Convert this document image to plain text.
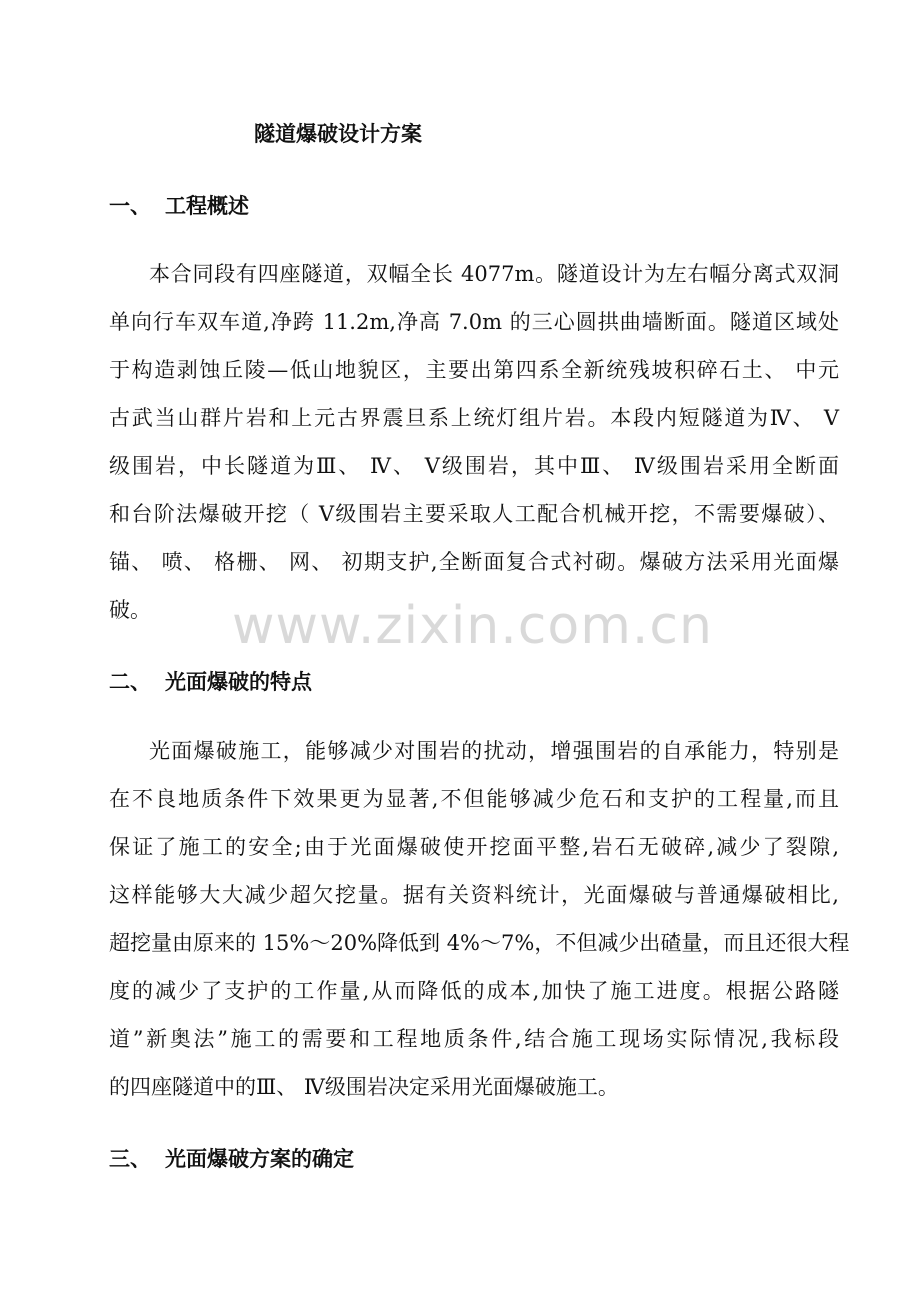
隧道爆破设计方案
一、 工程概述
本合同段有四座隧道，双幅全长 4077m。隧道设计为左右幅分离式双洞
单向行车双车道,净跨 11.2m,净高 7.0m 的三心圆拱曲墙断面。隧道区域处
于构造剥蚀丘陵—低山地貌区，主要出第四系全新统残坡积碎石土、 中元
古武当山群片岩和上元古界震旦系上统灯组片岩。本段内短隧道为Ⅳ、 Ⅴ
级围岩，中长隧道为Ⅲ、 Ⅳ、 Ⅴ级围岩，其中Ⅲ、 Ⅳ级围岩采用全断面
和台阶法爆破开挖（ Ⅴ级围岩主要采取人工配合机械开挖，不需要爆破）、
锚、 喷、 格栅、 网、 初期支护,全断面复合式衬砌。爆破方法采用光面爆
破。
二、 光面爆破的特点
光面爆破施工，能够减少对围岩的扰动，增强围岩的自承能力，特别是
在不良地质条件下效果更为显著,不但能够减少危石和支护的工程量,而且
保证了施工的安全;由于光面爆破使开挖面平整,岩石无破碎,减少了裂隙,
这样能够大大减少超欠挖量。据有关资料统计，光面爆破与普通爆破相比,
超挖量由原来的 15%～20%降低到 4%～7%，不但减少出碴量，而且还很大程
度的减少了支护的工作量,从而降低的成本,加快了施工进度。根据公路隧
道”新奥法”施工的需要和工程地质条件,结合施工现场实际情况,我标段
的四座隧道中的Ⅲ、 Ⅳ级围岩决定采用光面爆破施工。
三、 光面爆破方案的确定
www.zixin.com.cn
